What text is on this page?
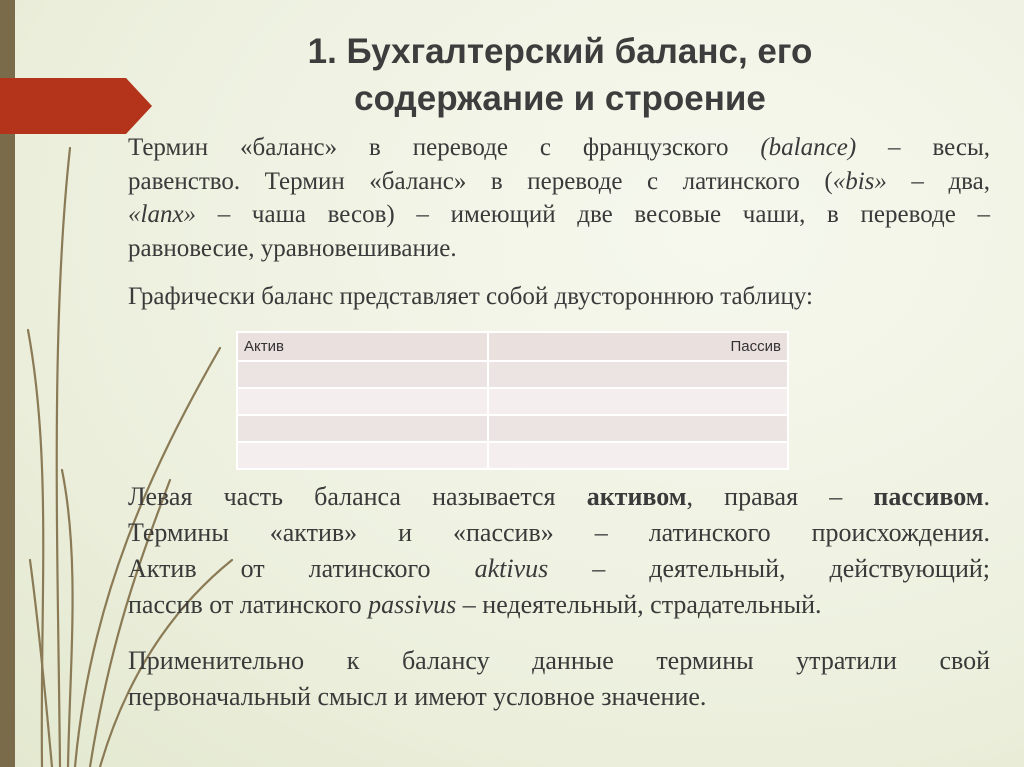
1. Бухгалтерский баланс, его
содержание и строение
Термин «баланс» в переводе с французского (balance) – весы,
равенство. Термин «баланс» в переводе с латинского («bis» – два,
«lanx» – чаша весов) – имеющий две весовые чаши, в переводе –
равновесие, уравновешивание.
Графически баланс представляет собой двустороннюю таблицу:
Актив	Пассив

Левая часть баланса называется активом, правая – пассивом.
Термины «актив» и «пассив» – латинского происхождения.
Актив от латинского aktivus – деятельный, действующий;
пассив от латинского passivus – недеятельный, страдательный.
Применительно к балансу данные термины утратили свой
первоначальный смысл и имеют условное значение.
